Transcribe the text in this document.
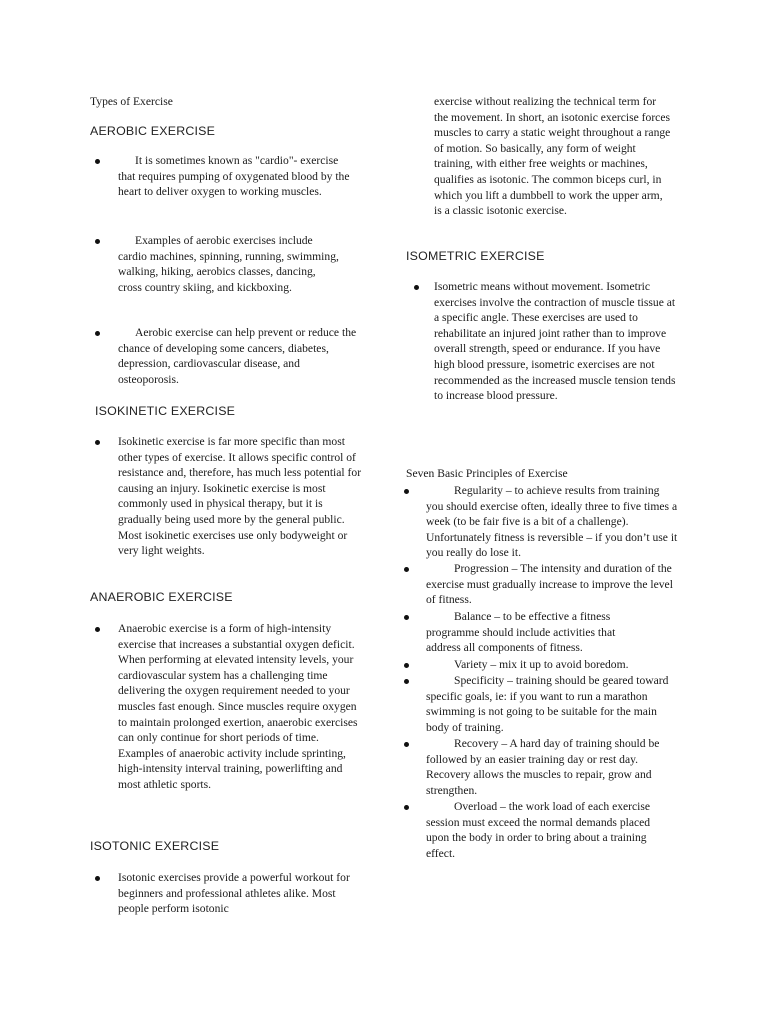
Types of Exercise
AEROBIC EXERCISE

It is sometimes known as "cardio"- exercise that requires pumping of oxygenated blood by the heart to deliver oxygen to working muscles.

Examples of aerobic exercises include cardio machines, spinning, running, swimming, walking, hiking, aerobics classes, dancing, cross country skiing, and kickboxing.

Aerobic exercise can help prevent or reduce the chance of developing some cancers, diabetes, depression, cardiovascular disease, and osteoporosis.

ISOKINETIC EXERCISE

Isokinetic exercise is far more specific than most other types of exercise. It allows specific control of resistance and, therefore, has much less potential for causing an injury. Isokinetic exercise is most commonly used in physical therapy, but it is gradually being used more by the general public. Most isokinetic exercises use only bodyweight or very light weights.

ANAEROBIC EXERCISE

Anaerobic exercise is a form of high-intensity exercise that increases a substantial oxygen deficit. When performing at elevated intensity levels, your cardiovascular system has a challenging time delivering the oxygen requirement needed to your muscles fast enough. Since muscles require oxygen to maintain prolonged exertion, anaerobic exercises can only continue for short periods of time. Examples of anaerobic activity include sprinting, high-intensity interval training, powerlifting and most athletic sports.

ISOTONIC EXERCISE

Isotonic exercises provide a powerful workout for beginners and professional athletes alike. Most people perform isotonic

exercise without realizing the technical term for the movement. In short, an isotonic exercise forces muscles to carry a static weight throughout a range of motion. So basically, any form of weight training, with either free weights or machines, qualifies as isotonic. The common biceps curl, in which you lift a dumbbell to work the upper arm, is a classic isotonic exercise.

ISOMETRIC EXERCISE

Isometric means without movement. Isometric exercises involve the contraction of muscle tissue at a specific angle. These exercises are used to rehabilitate an injured joint rather than to improve overall strength, speed or endurance. If you have high blood pressure, isometric exercises are not recommended as the increased muscle tension tends to increase blood pressure.

Seven Basic Principles of Exercise

Regularity – to achieve results from training you should exercise often, ideally three to five times a week (to be fair five is a bit of a challenge). Unfortunately fitness is reversible – if you don’t use it you really do lose it.

Progression – The intensity and duration of the exercise must gradually increase to improve the level of fitness.

Balance – to be effective a fitness programme should include activities that address all components of fitness.

Variety – mix it up to avoid boredom.

Specificity – training should be geared toward specific goals, ie: if you want to run a marathon swimming is not going to be suitable for the main body of training.

Recovery – A hard day of training should be followed by an easier training day or rest day. Recovery allows the muscles to repair, grow and strengthen.

Overload – the work load of each exercise session must exceed the normal demands placed upon the body in order to bring about a training effect.
